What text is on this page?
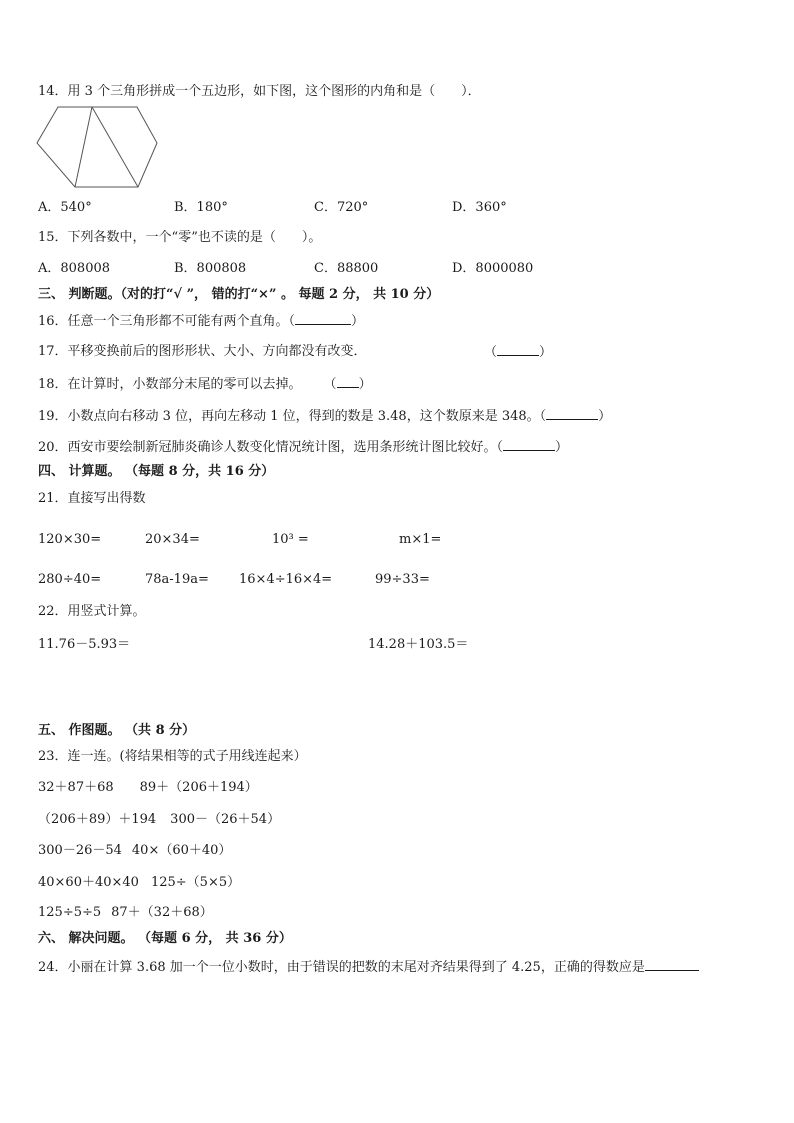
14．用 3 个三角形拼成一个五边形，如下图，这个图形的内角和是（　　）．
A．540°	B．180°	C．720°	D．360°
15．下列各数中，一个“零”也不读的是（　　）。
A．808008	B．800808	C．88800	D．8000080
三、 判断题。（对的打“√ ”， 错的打“×” 。 每题 2 分， 共 10 分）
16．任意一个三角形都不可能有两个直角。（	）
17．平移变换前后的图形形状、大小、方向都没有改变．	（	）
18．在计算时，小数部分末尾的零可以去掉。 （ ）
19．小数点向右移动 3 位，再向左移动 1 位，得到的数是 3.48，这个数原来是 348。（	）
20．西安市要绘制新冠肺炎确诊人数变化情况统计图，选用条形统计图比较好。（	）
四、 计算题。 （每题 8 分，共 16 分）
21．直接写出得数
120×30=	20×34=	10³ =	m×1=
280÷40=	78a-19a= 16×4÷16×4=	99÷33=
22．用竖式计算。
11.76－5.93＝	14.28＋103.5＝
五、 作图题。 （共 8 分）
23．连一连。(将结果相等的式子用线连起来）
32＋87＋68 89＋（206＋194）
（206＋89）＋194 300－（26＋54）
300－26－54 40×（60＋40）
40×60＋40×40 125÷（5×5）
125÷5÷5 87＋（32＋68）
六、 解决问题。 （每题 6 分， 共 36 分）
24．小丽在计算 3.68 加一个一位小数时，由于错误的把数的末尾对齐结果得到了 4.25，正确的得数应是
